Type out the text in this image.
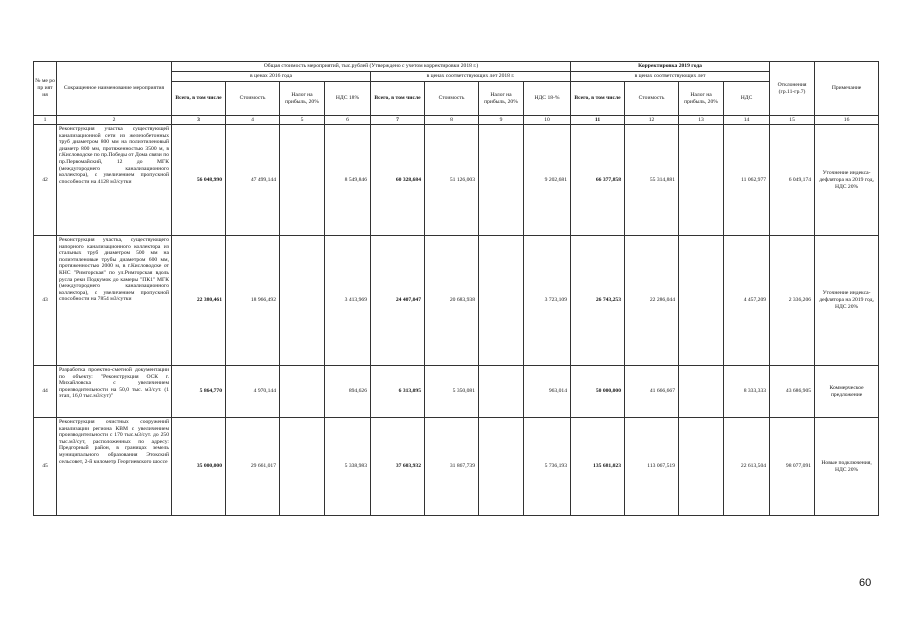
№ ме ро пр ият ия	Сокращенное наименование мероприятия	Общая стоимость мероприятий, тыс.рублей (Утверждено с учетом корректировки 2018 г.)								Корректировка 2019 года				Отклонения (гр.11-гр.7)	Примечание
		в ценах 2016 года				в ценах соответствующих лет 2018 г.				в ценах соответствующих лет					
		Всего, в том числе	Стоимость	Налог на прибыль, 20%	НДС 18%	Всего, в том числе	Стоимость	Налог на прибыль, 20%	НДС 18-%	Всего, в том числе	Стоимость	Налог на прибыль, 20%	НДС		
1	2	3	4	5	6	7	8	9	10	11	12	13	14	15	16
42	Реконструкция участка существующей канализационной сети из железобетонных труб диаметром 800 мм на полиэтиленовый диаметр 800 мм, протяженностью 3500 м, в г.Кисловодске по пр.Победы от Дома связи по пр.Первомайский, 12 до МГК (междугороднего канализационного коллектора), с увеличением пропускной способности на 4128 м3/сутки	56 048,990	47 499,144		8 549,846	60 328,684	51 126,003		9 202,681	66 377,858	55 314,881		11 062,977	6 049,174	Уточнение индекса-дефлятора на 2019 год, НДС 20%
43	Реконструкция участка, существующего напорного канализационного коллектора из стальных труб диаметром 500 мм на полиэтиленовые трубы диаметром 600 мм, протяженностью 2000 м, в г.Кисловодске от КНС "Римгорская" по ул.Римгорская вдоль русла реки Подкумок до камеры "ПК1" МГК (междугороднего канализационного коллектора), с увеличением пропускной способности на 7854 м3/сутки	22 380,461	18 966,492		3 413,969	24 407,047	20 683,938		3 723,109	26 743,253	22 286,044		4 457,209	2 336,206	Уточнение индекса-дефлятора на 2019 год, НДС 20%
44	Разработка проектно-сметной документации по объекту: "Реконструкция ОСК г. Михайловска с увеличением производительности на 50,0 тыс. м3/сут. (1 этап, 16,0 тыс.м3/сут)"	5 864,770	4 970,144		894,626	6 313,095	5 350,081		963,014	50 000,000	41 666,667		8 333,333	43 686,905	Коммерческое предложение
45	Реконструкция очистных сооружений канализации региона КВМ с увеличением производительности с 170 тыс.м3/сут. до 250 тыс.м3/сут, расположенных по адресу: Предгорный район, в границах земель муниципального образования Этокский сельсовет, 2-й километр Георгиевского шоссе	35 000,000	29 661,017		5 338,983	37 603,932	31 867,739		5 736,193	135 681,023	113 067,519		22 613,504	98 077,091	Новые подключения, НДС 20%
60
